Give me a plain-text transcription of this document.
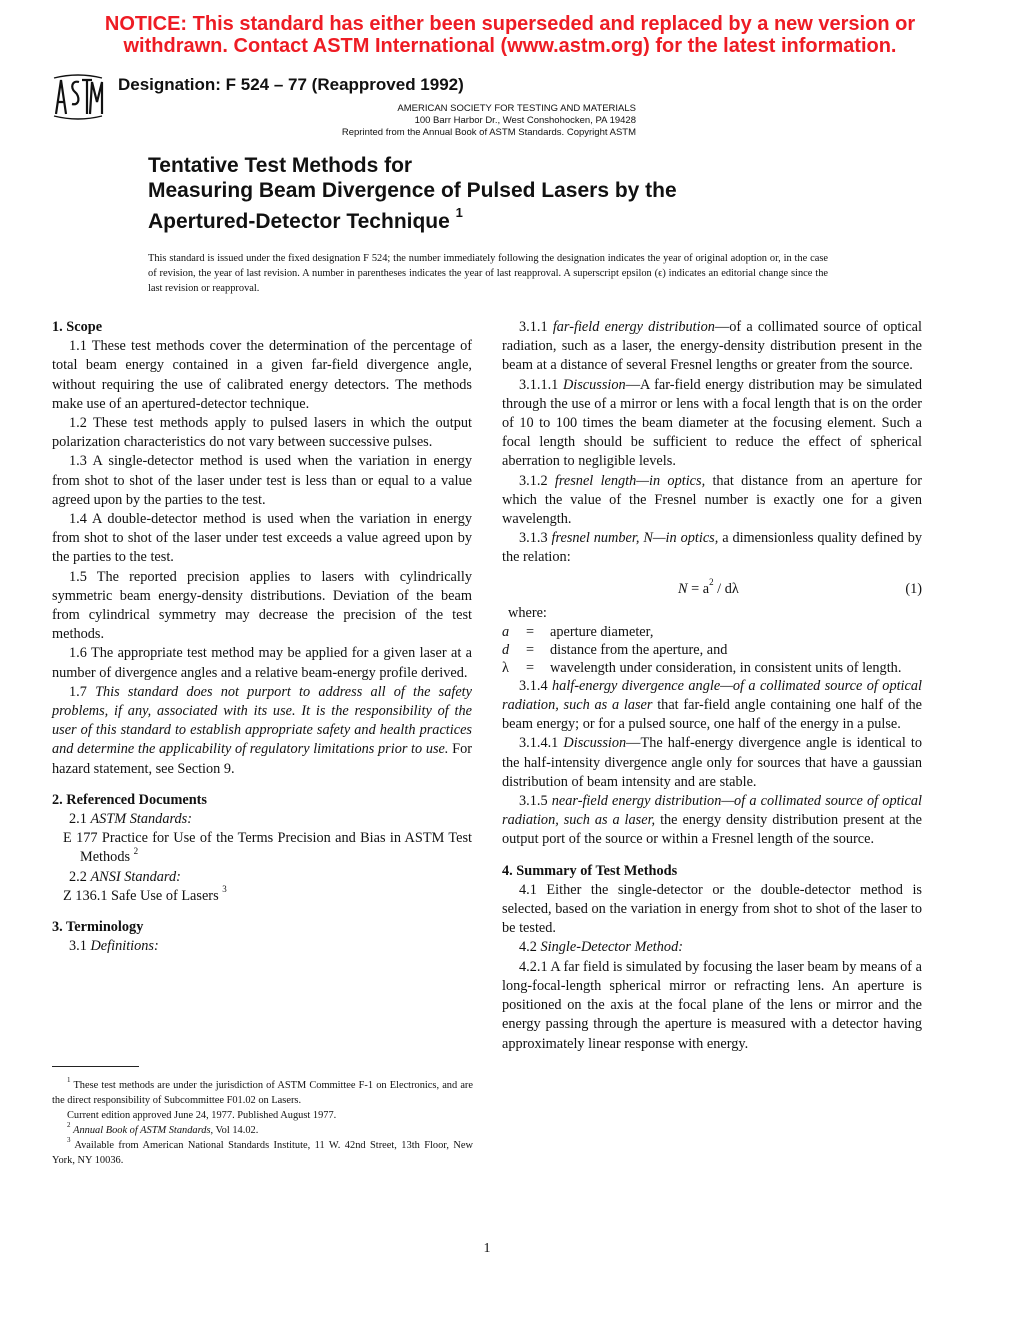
NOTICE: This standard has either been superseded and replaced by a new version or
withdrawn. Contact ASTM International (www.astm.org) for the latest information.
Designation: F 524 – 77 (Reapproved 1992)
AMERICAN SOCIETY FOR TESTING AND MATERIALS
100 Barr Harbor Dr., West Conshohocken, PA 19428
Reprinted from the Annual Book of ASTM Standards. Copyright ASTM
Tentative Test Methods for
Measuring Beam Divergence of Pulsed Lasers by the
Apertured-Detector Technique $^1$
This standard is issued under the fixed designation F 524; the number immediately following the designation indicates the year of original adoption or, in the case of revision, the year of last revision. A number in parentheses indicates the year of last reapproval. A superscript epsilon (ϵ) indicates an editorial change since the last revision or reapproval.
1. Scope

1.1 These test methods cover the determination of the percentage of total beam energy contained in a given far-field divergence angle, without requiring the use of calibrated energy detectors. The methods make use of an apertured-detector technique.

1.2 These test methods apply to pulsed lasers in which the output polarization characteristics do not vary between successive pulses.

1.3 A single-detector method is used when the variation in energy from shot to shot of the laser under test is less than or equal to a value agreed upon by the parties to the test.

1.4 A double-detector method is used when the variation in energy from shot to shot of the laser under test exceeds a value agreed upon by the parties to the test.

1.5 The reported precision applies to lasers with cylindrically symmetric beam energy-density distributions. Deviation of the beam from cylindrical symmetry may decrease the precision of the test methods.

1.6 The appropriate test method may be applied for a given laser at a number of divergence angles and a relative beam-energy profile derived.

1.7 This standard does not purport to address all of the safety problems, if any, associated with its use. It is the responsibility of the user of this standard to establish appropriate safety and health practices and determine the applicability of regulatory limitations prior to use. For hazard statement, see Section 9.

2. Referenced Documents

2.1 ASTM Standards:

E 177 Practice for Use of the Terms Precision and Bias in ASTM Test Methods $^2$

2.2 ANSI Standard:

Z 136.1 Safe Use of Lasers $^3$

3. Terminology

3.1 Definitions:

$^1$ These test methods are under the jurisdiction of ASTM Committee F-1 on Electronics, and are the direct responsibility of Subcommittee F01.02 on Lasers.

Current edition approved June 24, 1977. Published August 1977.

$^2$ Annual Book of ASTM Standards, Vol 14.02.

$^3$ Available from American National Standards Institute, 11 W. 42nd Street, 13th Floor, New York, NY 10036.

3.1.1 far-field energy distribution—of a collimated source of optical radiation, such as a laser, the energy-density distribution present in the beam at a distance of several Fresnel lengths or greater from the source.

3.1.1.1 Discussion—A far-field energy distribution may be simulated through the use of a mirror or lens with a focal length that is on the order of 10 to 100 times the beam diameter at the focusing element. Such a focal length should be sufficient to reduce the effect of spherical aberration to negligible levels.

3.1.2 fresnel length—in optics, that distance from an aperture for which the value of the Fresnel number is exactly one for a given wavelength.

3.1.3 fresnel number, N—in optics, a dimensionless quality defined by the relation:

$N = a^2 / d\lambda$	(1)

where:

a	=	aperture diameter,
d	=	distance from the aperture, and
λ	=	wavelength under consideration, in consistent units of length.

3.1.4 half-energy divergence angle—of a collimated source of optical radiation, such as a laser that far-field angle containing one half of the beam energy; or for a pulsed source, one half of the energy in a pulse.

3.1.4.1 Discussion—The half-energy divergence angle is identical to the half-intensity divergence angle only for sources that have a gaussian distribution of beam intensity and are stable.

3.1.5 near-field energy distribution—of a collimated source of optical radiation, such as a laser, the energy density distribution present at the output port of the source or within a Fresnel length of the source.

4. Summary of Test Methods

4.1 Either the single-detector or the double-detector method is selected, based on the variation in energy from shot to shot of the laser to be tested.

4.2 Single-Detector Method:

4.2.1 A far field is simulated by focusing the laser beam by means of a long-focal-length spherical mirror or refracting lens. An aperture is positioned on the axis at the focal plane of the lens or mirror and the energy passing through the aperture is measured with a detector having approximately linear response with energy.

1
